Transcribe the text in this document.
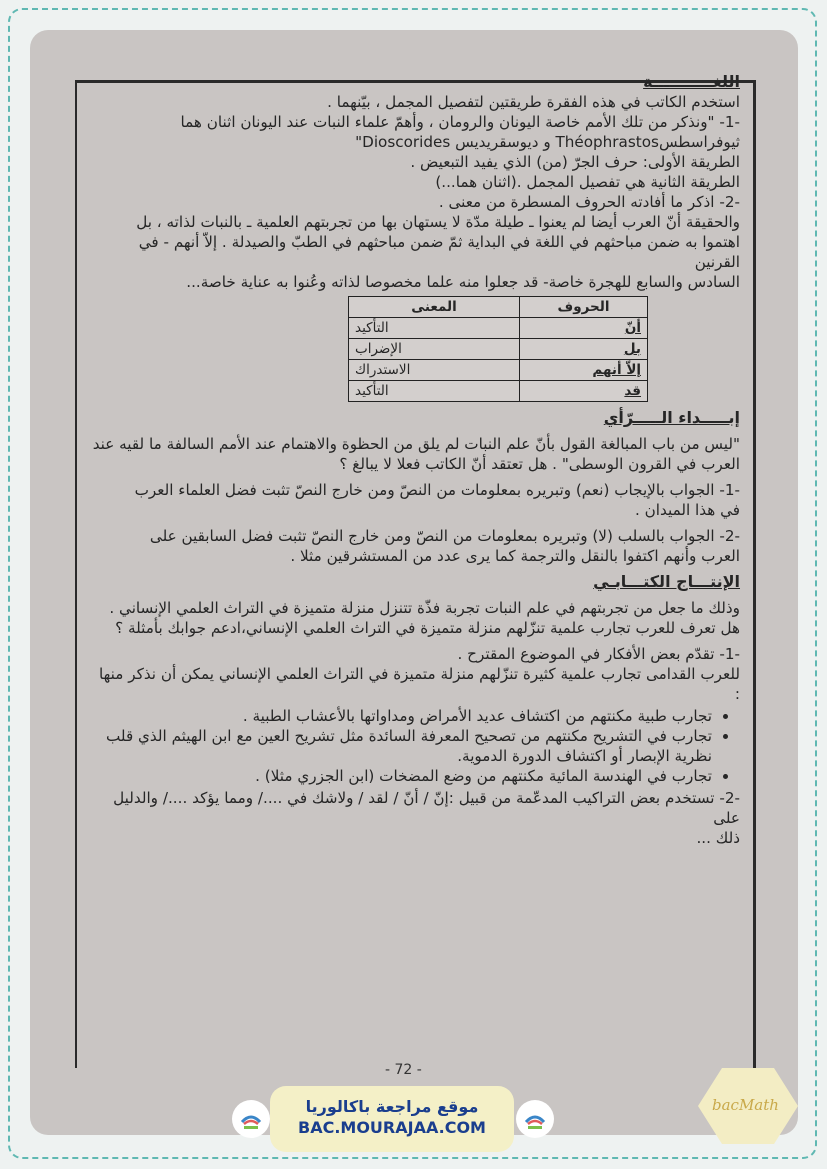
اللغـــــــــــة

استخدم الكاتب في هذه الفقرة طريقتين لتفصيل المجمل ، بيّنهما .

-1- "ونذكر من تلك الأمم خاصة اليونان والرومان ، وأهمّ علماء النبات عند اليونان اثنان هما

ثيوفراسطسThéophrastos و ديوسقريديس Dioscorides"

الطريقة الأولى: حرف الجرّ (من) الذي يفيد التبعيض .

الطريقة الثانية هي تفصيل المجمل .(اثنان هما...)

-2- اذكر ما أفادته الحروف المسطرة من معنى .

والحقيقة أنّ العرب أيضا لم يعنوا ـ طيلة مدّة لا يستهان بها من تجربتهم العلمية ـ بالنبات لذاته ، بل

اهتموا به ضمن مباحثهم في اللغة في البداية ثمّ ضمن مباحثهم في الطبّ والصيدلة . إلاّ أنهم - في القرنين

السادس والسابع للهجرة خاصة- قد جعلوا منه علما مخصوصا لذاته وعُنوا به عناية خاصة...

الحروف	المعنى
أنّ	التأكيد
بل	الإضراب
إلاّ أنهم	الاستدراك
قد	التأكيد

إبـــــداء الـــــرّأي

"ليس من باب المبالغة القول بأنّ علم النبات لم يلق من الحظوة والاهتمام عند الأمم السالفة ما لقيه عند

العرب في القرون الوسطى" . هل تعتقد أنّ الكاتب فعلا لا يبالغ ؟

-1- الجواب بالإيجاب (نعم) وتبريره بمعلومات من النصّ ومن خارج النصّ تثبت فضل العلماء العرب

في هذا الميدان .

-2- الجواب بالسلب (لا) وتبريره بمعلومات من النصّ ومن خارج النصّ تثبت فضل السابقين على

العرب وأنهم اكتفوا بالنقل والترجمة كما يرى عدد من المستشرقين مثلا .

الإنتـــاج الكتـــابـي

وذلك ما جعل من تجربتهم في علم النبات تجربة فذّة تتنزل منزلة متميزة في التراث العلمي الإنساني .

هل تعرف للعرب تجارب علمية تنزّلهم منزلة متميزة في التراث العلمي الإنساني،ادعم جوابك بأمثلة ؟

-1- تقدّم بعض الأفكار في الموضوع المقترح .

للعرب القدامى تجارب علمية كثيرة تنزّلهم منزلة متميزة في التراث العلمي الإنساني يمكن أن نذكر منها :

• تجارب طبية مكنتهم من اكتشاف عديد الأمراض ومداواتها بالأعشاب الطبية .
• تجارب في التشريح مكنتهم من تصحيح المعرفة السائدة مثل تشريح العين مع ابن الهيثم الذي قلب نظرية الإبصار أو اكتشاف الدورة الدموية.
• تجارب في الهندسة المائية مكنتهم من وضع المضخات (ابن الجزري مثلا) .

-2- تستخدم بعض التراكيب المدعّمة من قبيل :إنّ / أنّ / لقد / ولاشك في ..../ ومما يؤكد ..../ والدليل على

ذلك ...

- 72 -
موقع مراجعة باكالوريا
BAC.MOURAJAA.COM
bacMath
